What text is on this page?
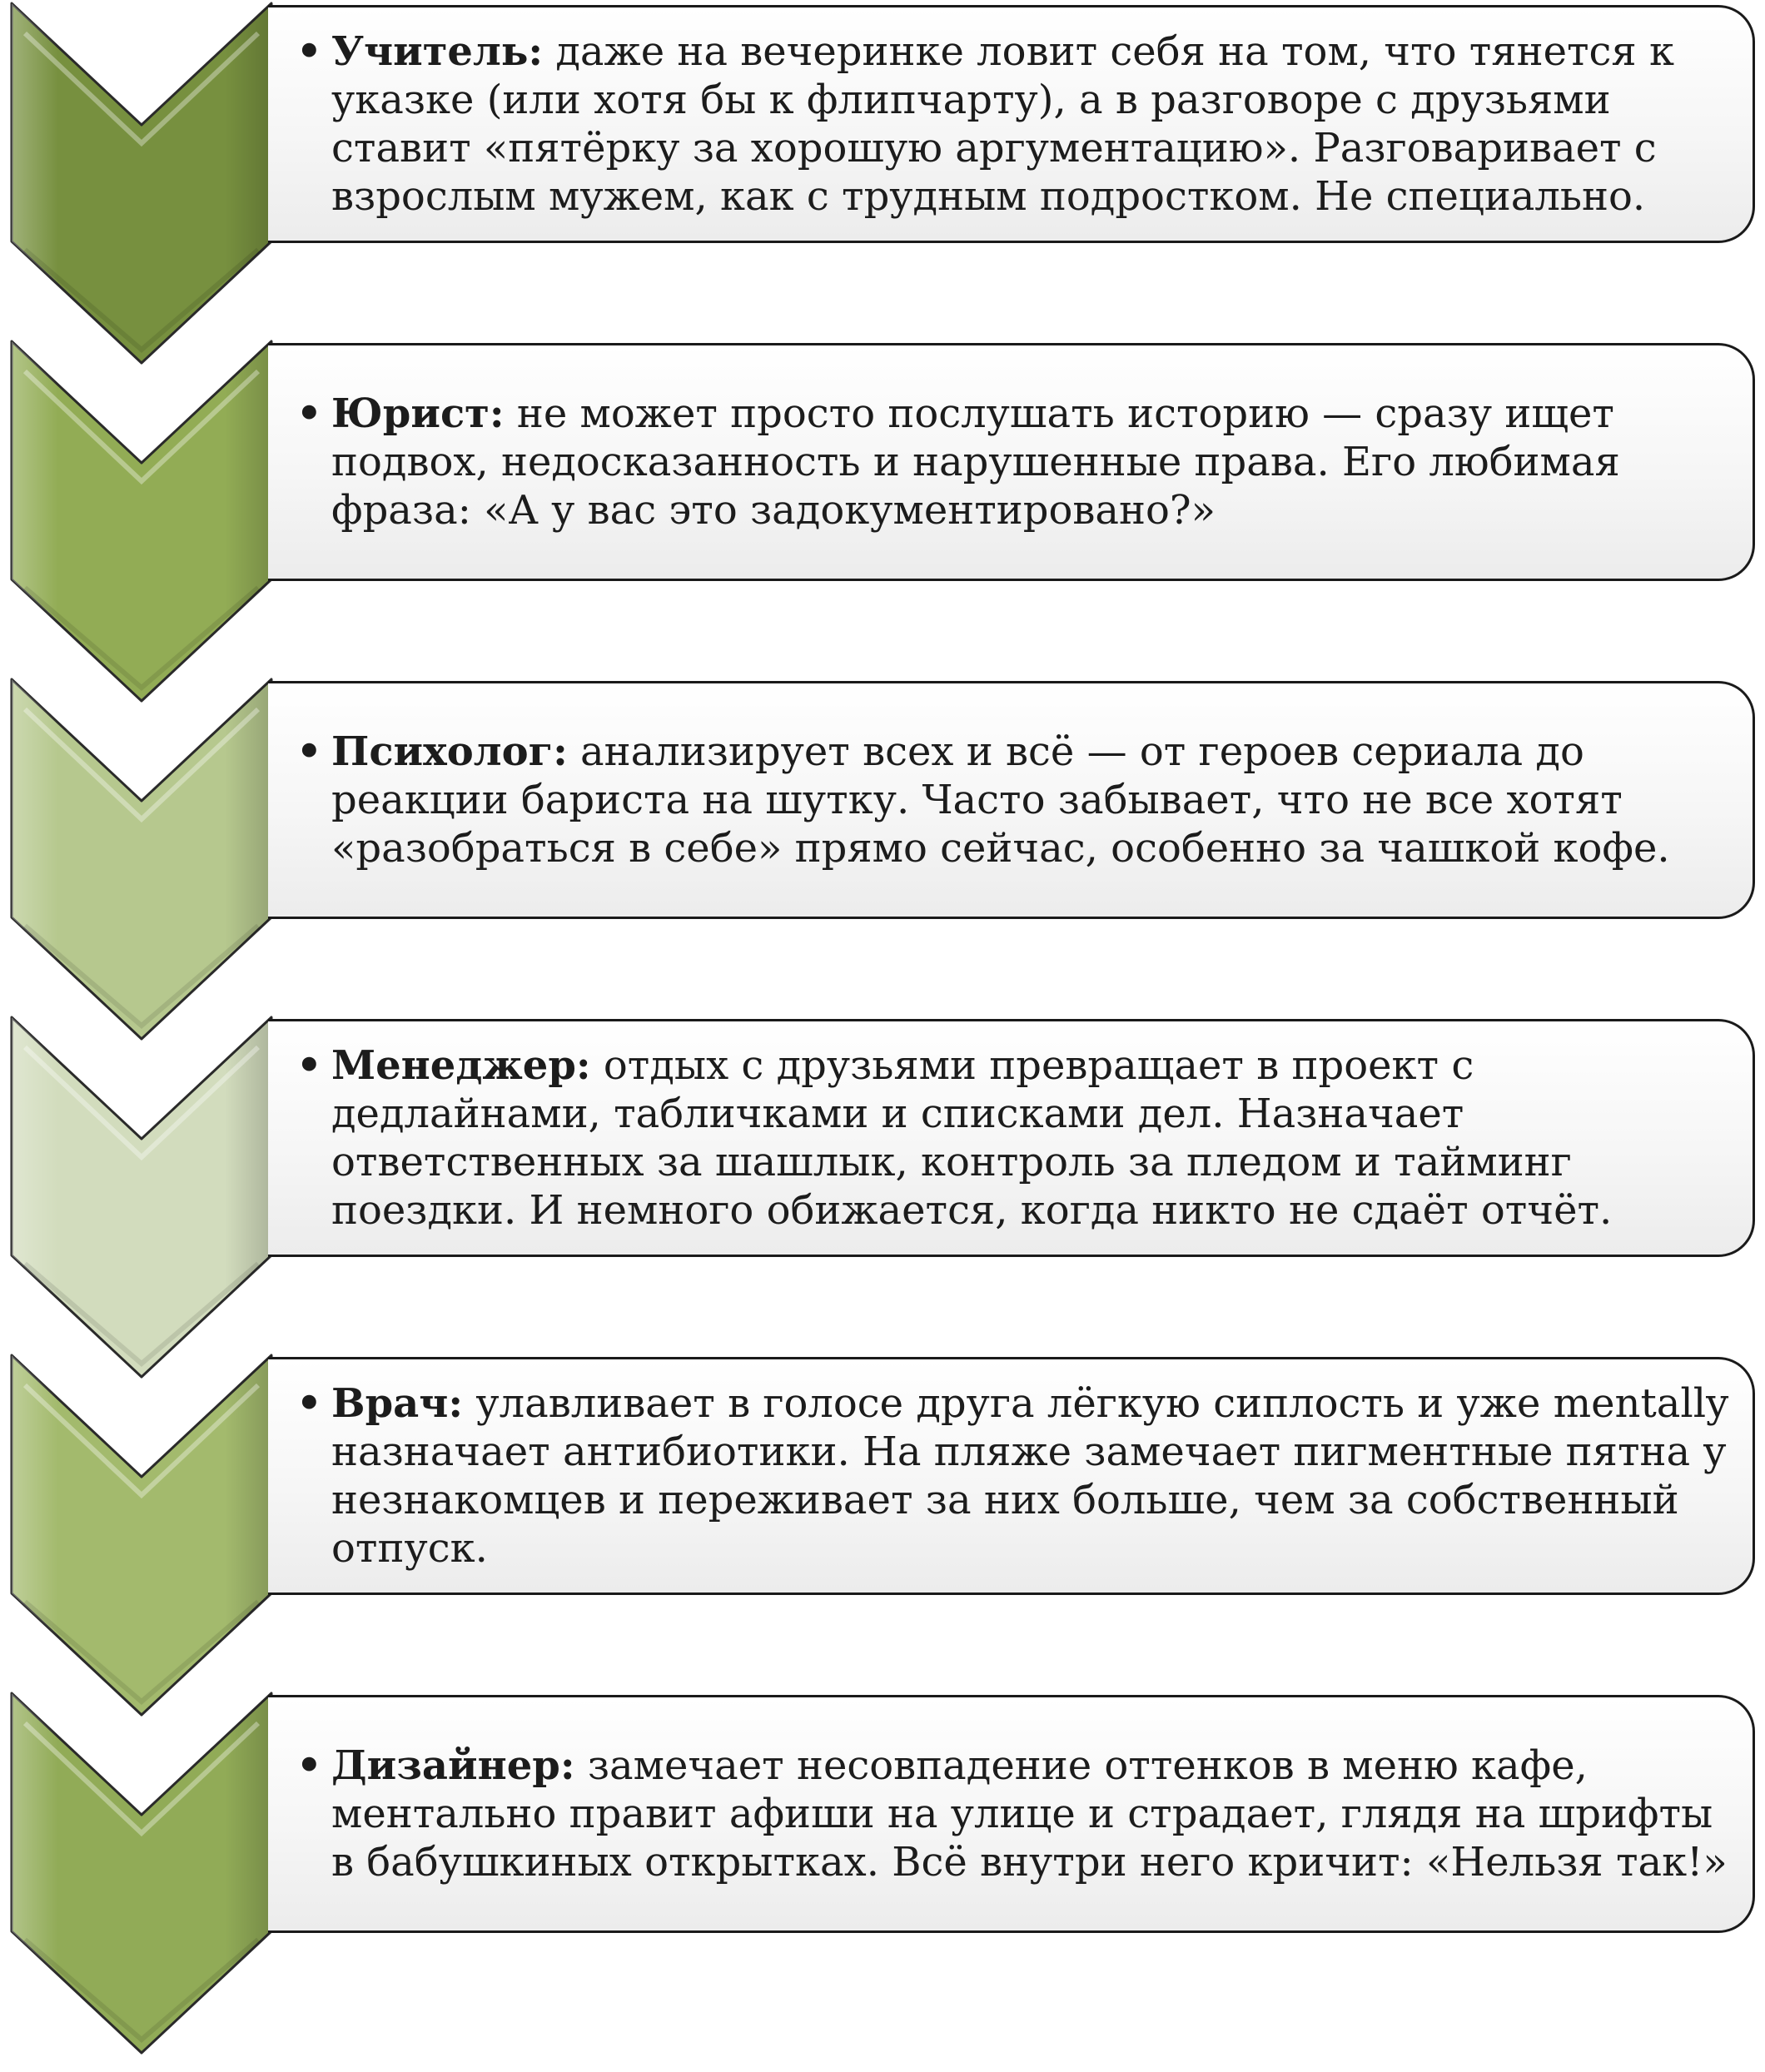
• Учитель: даже на вечеринке ловит себя на том, что тянется к указке (или хотя бы к флипчарту), а в разговоре с друзьями ставит «пятёрку за хорошую аргументацию». Разговаривает с взрослым мужем, как с трудным подростком. Не специально.
• Юрист: не может просто послушать историю — сразу ищет подвох, недосказанность и нарушенные права. Его любимая фраза: «А у вас это задокументировано?»
• Психолог: анализирует всех и всё — от героев сериала до реакции бариста на шутку. Часто забывает, что не все хотят «разобраться в себе» прямо сейчас, особенно за чашкой кофе.
• Менеджер: отдых с друзьями превращает в проект с дедлайнами, табличками и списками дел. Назначает ответственных за шашлык, контроль за пледом и тайминг поездки. И немного обижается, когда никто не сдаёт отчёт.
• Врач: улавливает в голосе друга лёгкую сиплость и уже mentally назначает антибиотики. На пляже замечает пигментные пятна у незнакомцев и переживает за них больше, чем за собственный отпуск.
• Дизайнер: замечает несовпадение оттенков в меню кафе, ментально правит афиши на улице и страдает, глядя на шрифты в бабушкиных открытках. Всё внутри него кричит: «Нельзя так!»
